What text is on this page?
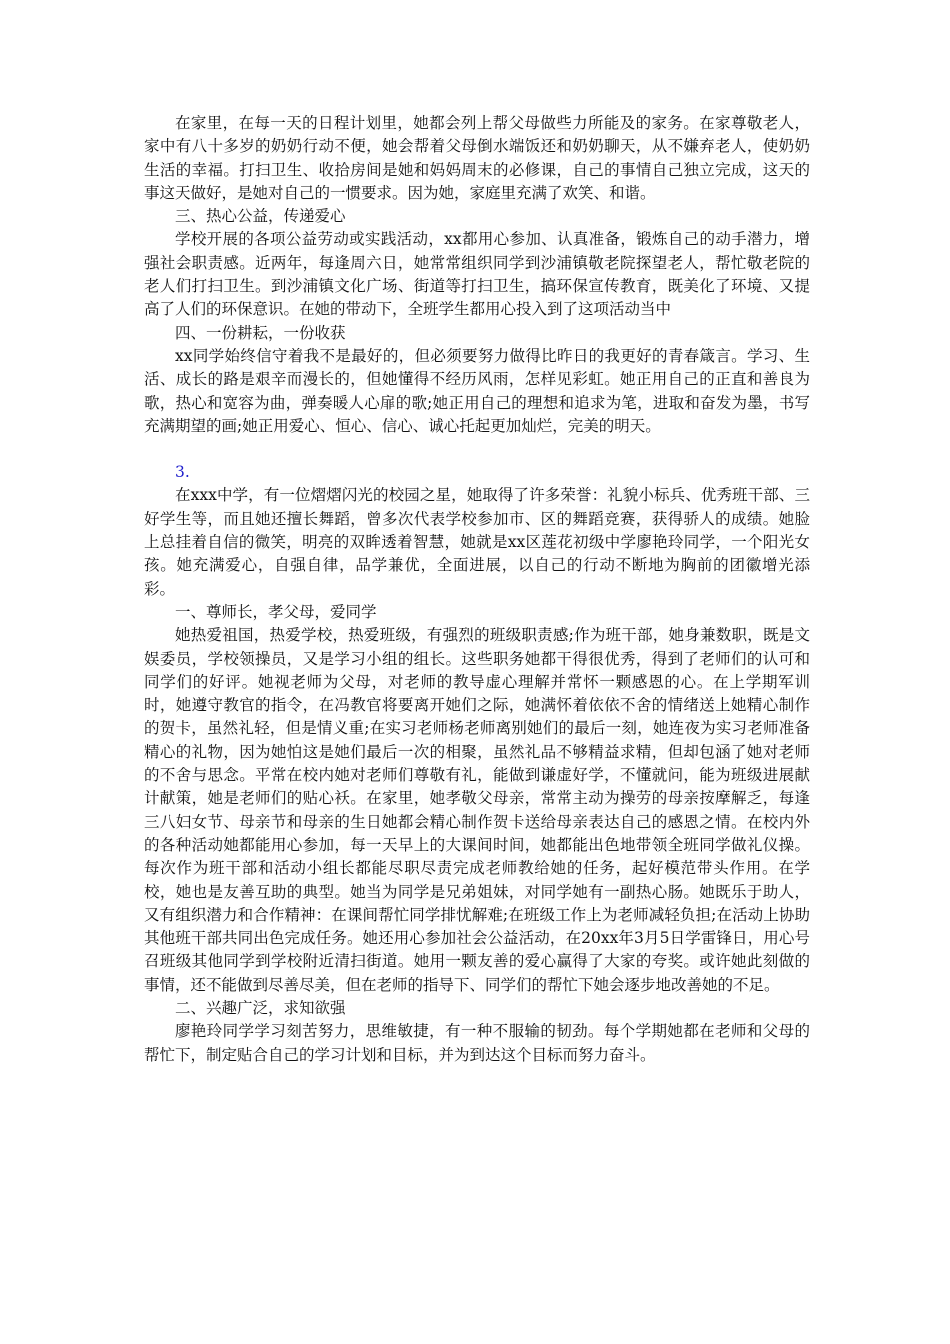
在家里，在每一天的日程计划里，她都会列上帮父母做些力所能及的家务。在家尊敬老人，家中有八十多岁的奶奶行动不便，她会帮着父母倒水端饭还和奶奶聊天，从不嫌弃老人，使奶奶生活的幸福。打扫卫生、收拾房间是她和妈妈周末的必修课，自己的事情自己独立完成，这天的事这天做好，是她对自己的一惯要求。因为她，家庭里充满了欢笑、和谐。

三、热心公益，传递爱心

学校开展的各项公益劳动或实践活动，xx都用心参加、认真准备，锻炼自己的动手潜力，增强社会职责感。近两年，每逢周六日，她常常组织同学到沙浦镇敬老院探望老人，帮忙敬老院的老人们打扫卫生。到沙浦镇文化广场、街道等打扫卫生，搞环保宣传教育，既美化了环境、又提高了人们的环保意识。在她的带动下，全班学生都用心投入到了这项活动当中

四、一份耕耘，一份收获

xx同学始终信守着我不是最好的，但必须要努力做得比昨日的我更好的青春箴言。学习、生活、成长的路是艰辛而漫长的，但她懂得不经历风雨，怎样见彩虹。她正用自己的正直和善良为歌，热心和宽容为曲，弹奏暖人心扉的歌;她正用自己的理想和追求为笔，进取和奋发为墨，书写充满期望的画;她正用爱心、恒心、信心、诚心托起更加灿烂，完美的明天。

3.

在xxx中学，有一位熠熠闪光的校园之星，她取得了许多荣誉：礼貌小标兵、优秀班干部、三好学生等，而且她还擅长舞蹈，曾多次代表学校参加市、区的舞蹈竞赛，获得骄人的成绩。她脸上总挂着自信的微笑，明亮的双眸透着智慧，她就是xx区莲花初级中学廖艳玲同学，一个阳光女孩。她充满爱心，自强自律，品学兼优，全面进展，以自己的行动不断地为胸前的团徽增光添彩。

一、尊师长，孝父母，爱同学

她热爱祖国，热爱学校，热爱班级，有强烈的班级职责感;作为班干部，她身兼数职，既是文娱委员，学校领操员，又是学习小组的组长。这些职务她都干得很优秀，得到了老师们的认可和同学们的好评。她视老师为父母，对老师的教导虚心理解并常怀一颗感恩的心。在上学期军训时，她遵守教官的指令，在冯教官将要离开她们之际，她满怀着依依不舍的情绪送上她精心制作的贺卡，虽然礼轻，但是情义重;在实习老师杨老师离别她们的最后一刻，她连夜为实习老师准备精心的礼物，因为她怕这是她们最后一次的相聚，虽然礼品不够精益求精，但却包涵了她对老师的不舍与思念。平常在校内她对老师们尊敬有礼，能做到谦虚好学，不懂就问，能为班级进展献计献策，她是老师们的贴心袄。在家里，她孝敬父母亲，常常主动为操劳的母亲按摩解乏，每逢三八妇女节、母亲节和母亲的生日她都会精心制作贺卡送给母亲表达自己的感恩之情。在校内外的各种活动她都能用心参加，每一天早上的大课间时间，她都能出色地带领全班同学做礼仪操。每次作为班干部和活动小组长都能尽职尽责完成老师教给她的任务，起好模范带头作用。在学校，她也是友善互助的典型。她当为同学是兄弟姐妹，对同学她有一副热心肠。她既乐于助人，又有组织潜力和合作精神：在课间帮忙同学排忧解难;在班级工作上为老师减轻负担;在活动上协助其他班干部共同出色完成任务。她还用心参加社会公益活动，在20xx年3月5日学雷锋日，用心号召班级其他同学到学校附近清扫街道。她用一颗友善的爱心赢得了大家的夸奖。或许她此刻做的事情，还不能做到尽善尽美，但在老师的指导下、同学们的帮忙下她会逐步地改善她的不足。

二、兴趣广泛，求知欲强

廖艳玲同学学习刻苦努力，思维敏捷，有一种不服输的韧劲。每个学期她都在老师和父母的帮忙下，制定贴合自己的学习计划和目标，并为到达这个目标而努力奋斗。
